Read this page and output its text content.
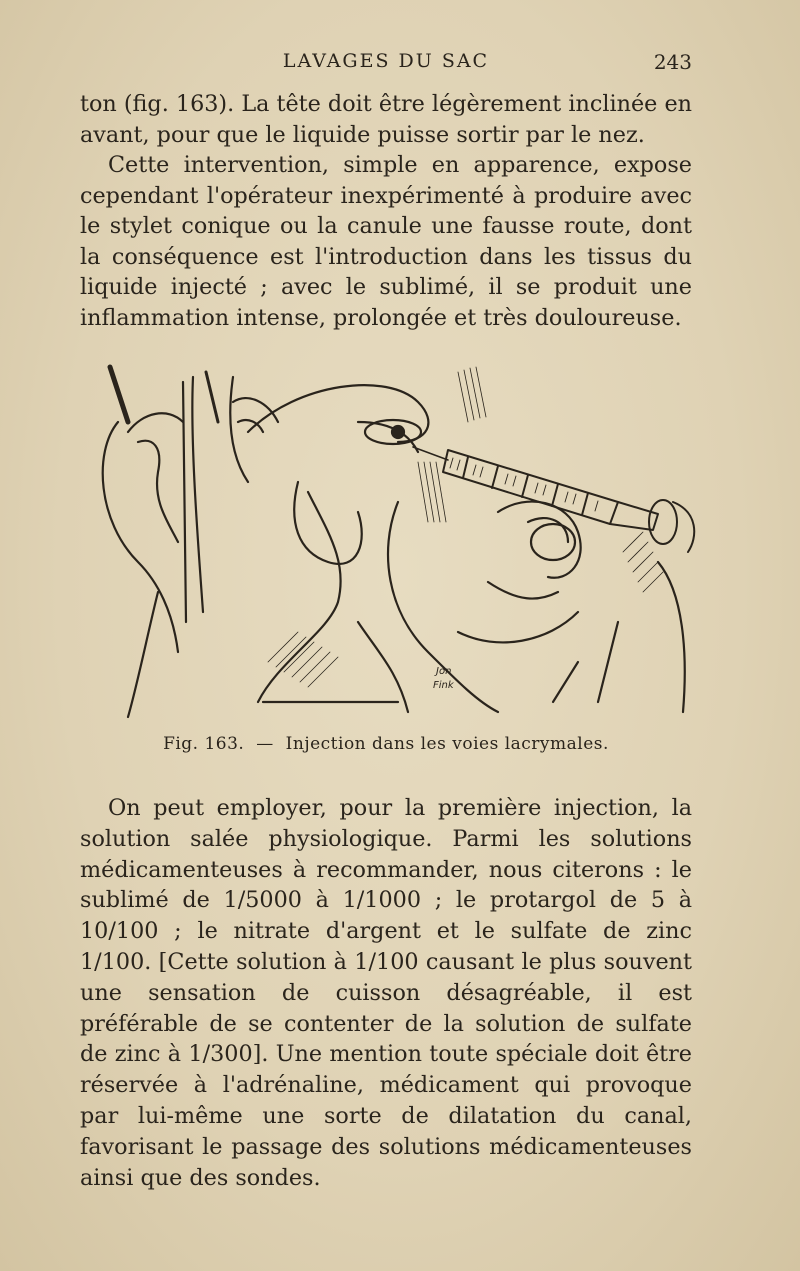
LAVAGES DU SAC	243

ton (fig. 163). La tête doit être légèrement inclinée en avant, pour que le liquide puisse sortir par le nez.

Cette intervention, simple en apparence, expose cependant l'opérateur inexpérimenté à produire avec le stylet conique ou la canule une fausse route, dont la conséquence est l'introduction dans les tissus du liquide injecté ; avec le sublimé, il se produit une inflammation intense, prolongée et très douloureuse.

Jon
Fink
Fig. 163. — Injection dans les voies lacrymales.

On peut employer, pour la première injection, la solution salée physiologique. Parmi les solutions médicamenteuses à recommander, nous citerons : le sublimé de 1/5000 à 1/1000 ; le protargol de 5 à 10/100 ; le nitrate d'argent et le sulfate de zinc 1/100. [Cette solution à 1/100 causant le plus souvent une sensation de cuisson désagréable, il est préférable de se contenter de la solution de sulfate de zinc à 1/300]. Une mention toute spéciale doit être réservée à l'adrénaline, médicament qui provoque par lui-même une sorte de dilatation du canal, favorisant le passage des solutions médicamenteuses ainsi que des sondes.
